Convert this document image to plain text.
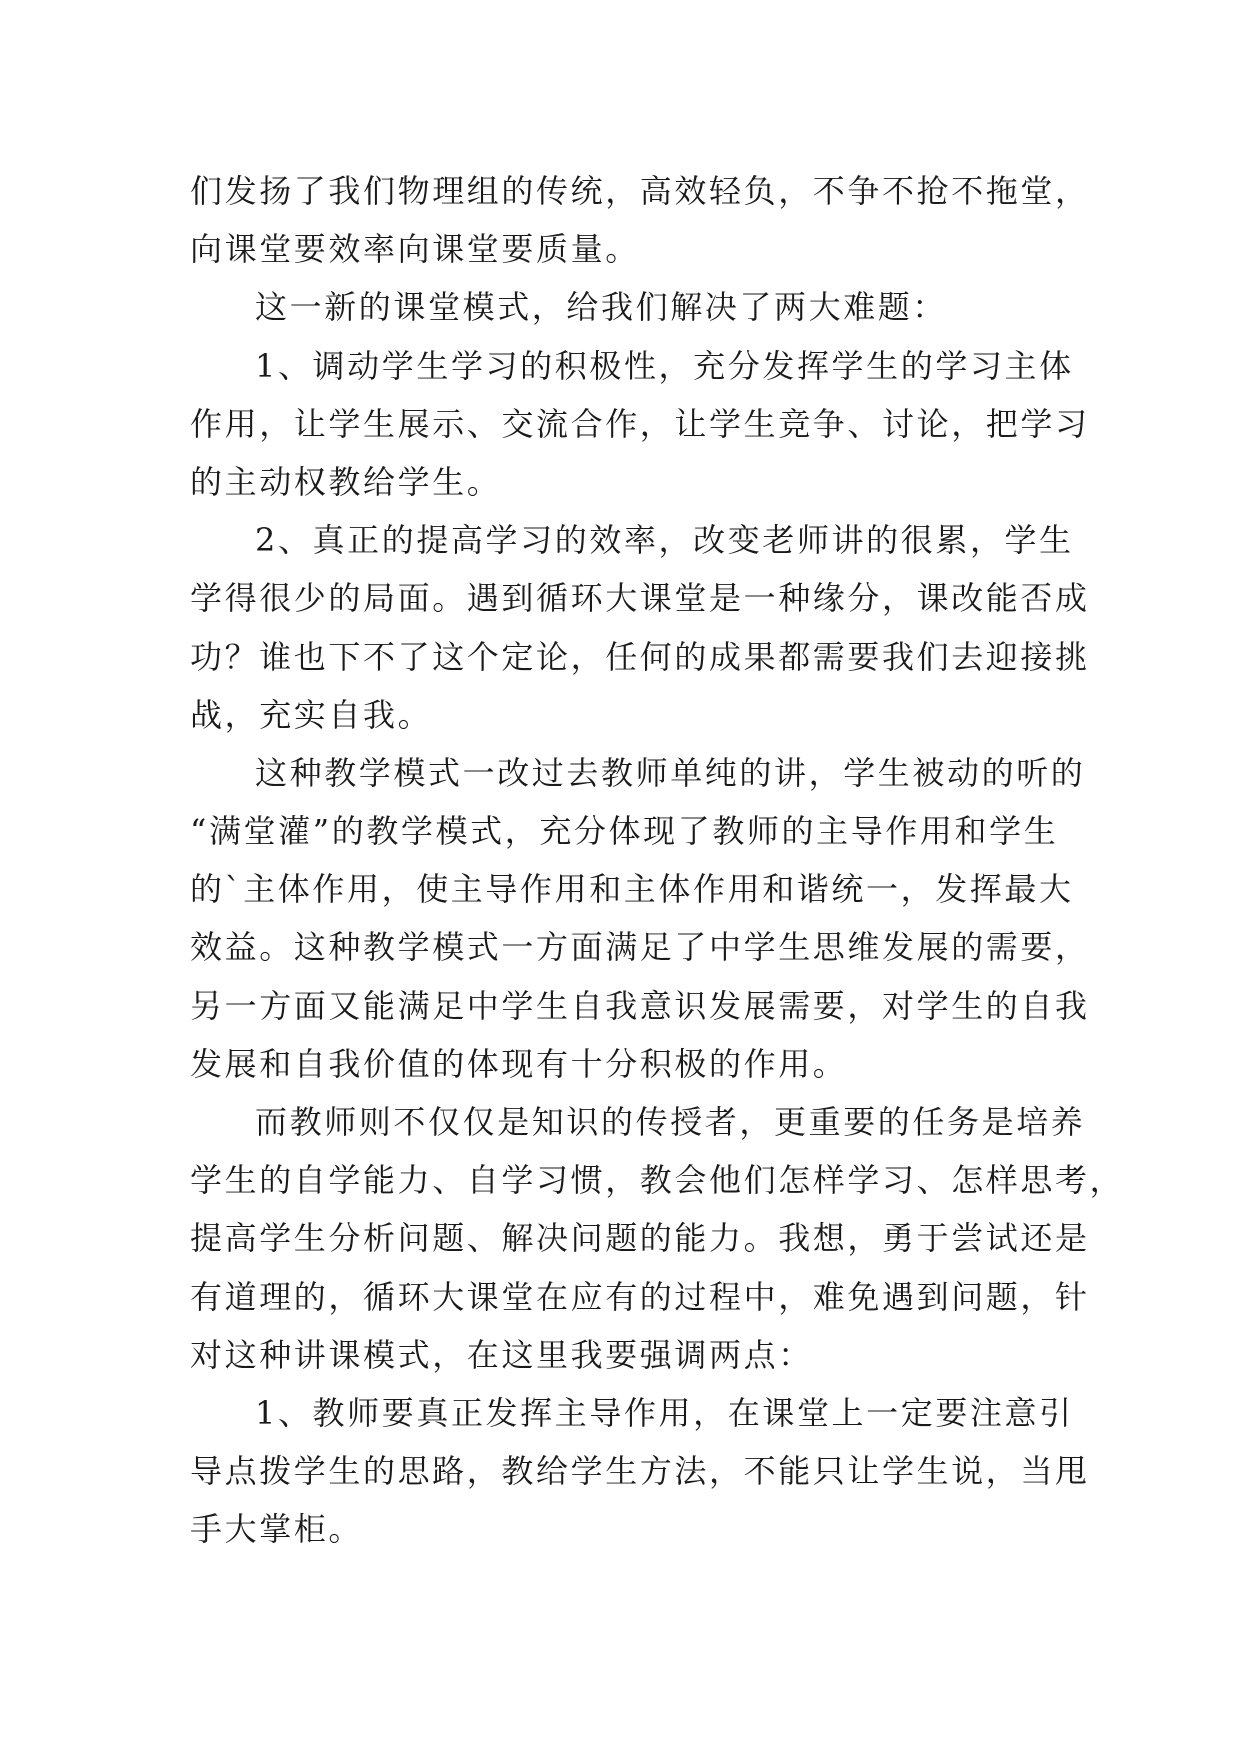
们发扬了我们物理组的传统，高效轻负，不争不抢不拖堂，
向课堂要效率向课堂要质量。
这一新的课堂模式，给我们解决了两大难题：
1、调动学生学习的积极性，充分发挥学生的学习主体
作用，让学生展示、交流合作，让学生竞争、讨论，把学习
的主动权教给学生。
2、真正的提高学习的效率，改变老师讲的很累，学生
学得很少的局面。遇到循环大课堂是一种缘分，课改能否成
功？谁也下不了这个定论，任何的成果都需要我们去迎接挑
战，充实自我。
这种教学模式一改过去教师单纯的讲，学生被动的听的
“满堂灌”的教学模式，充分体现了教师的主导作用和学生
的`主体作用，使主导作用和主体作用和谐统一，发挥最大
效益。这种教学模式一方面满足了中学生思维发展的需要，
另一方面又能满足中学生自我意识发展需要，对学生的自我
发展和自我价值的体现有十分积极的作用。
而教师则不仅仅是知识的传授者，更重要的任务是培养
学生的自学能力、自学习惯，教会他们怎样学习、怎样思考，
提高学生分析问题、解决问题的能力。我想，勇于尝试还是
有道理的，循环大课堂在应有的过程中，难免遇到问题，针
对这种讲课模式，在这里我要强调两点：
1、教师要真正发挥主导作用，在课堂上一定要注意引
导点拨学生的思路，教给学生方法，不能只让学生说，当甩
手大掌柜。
